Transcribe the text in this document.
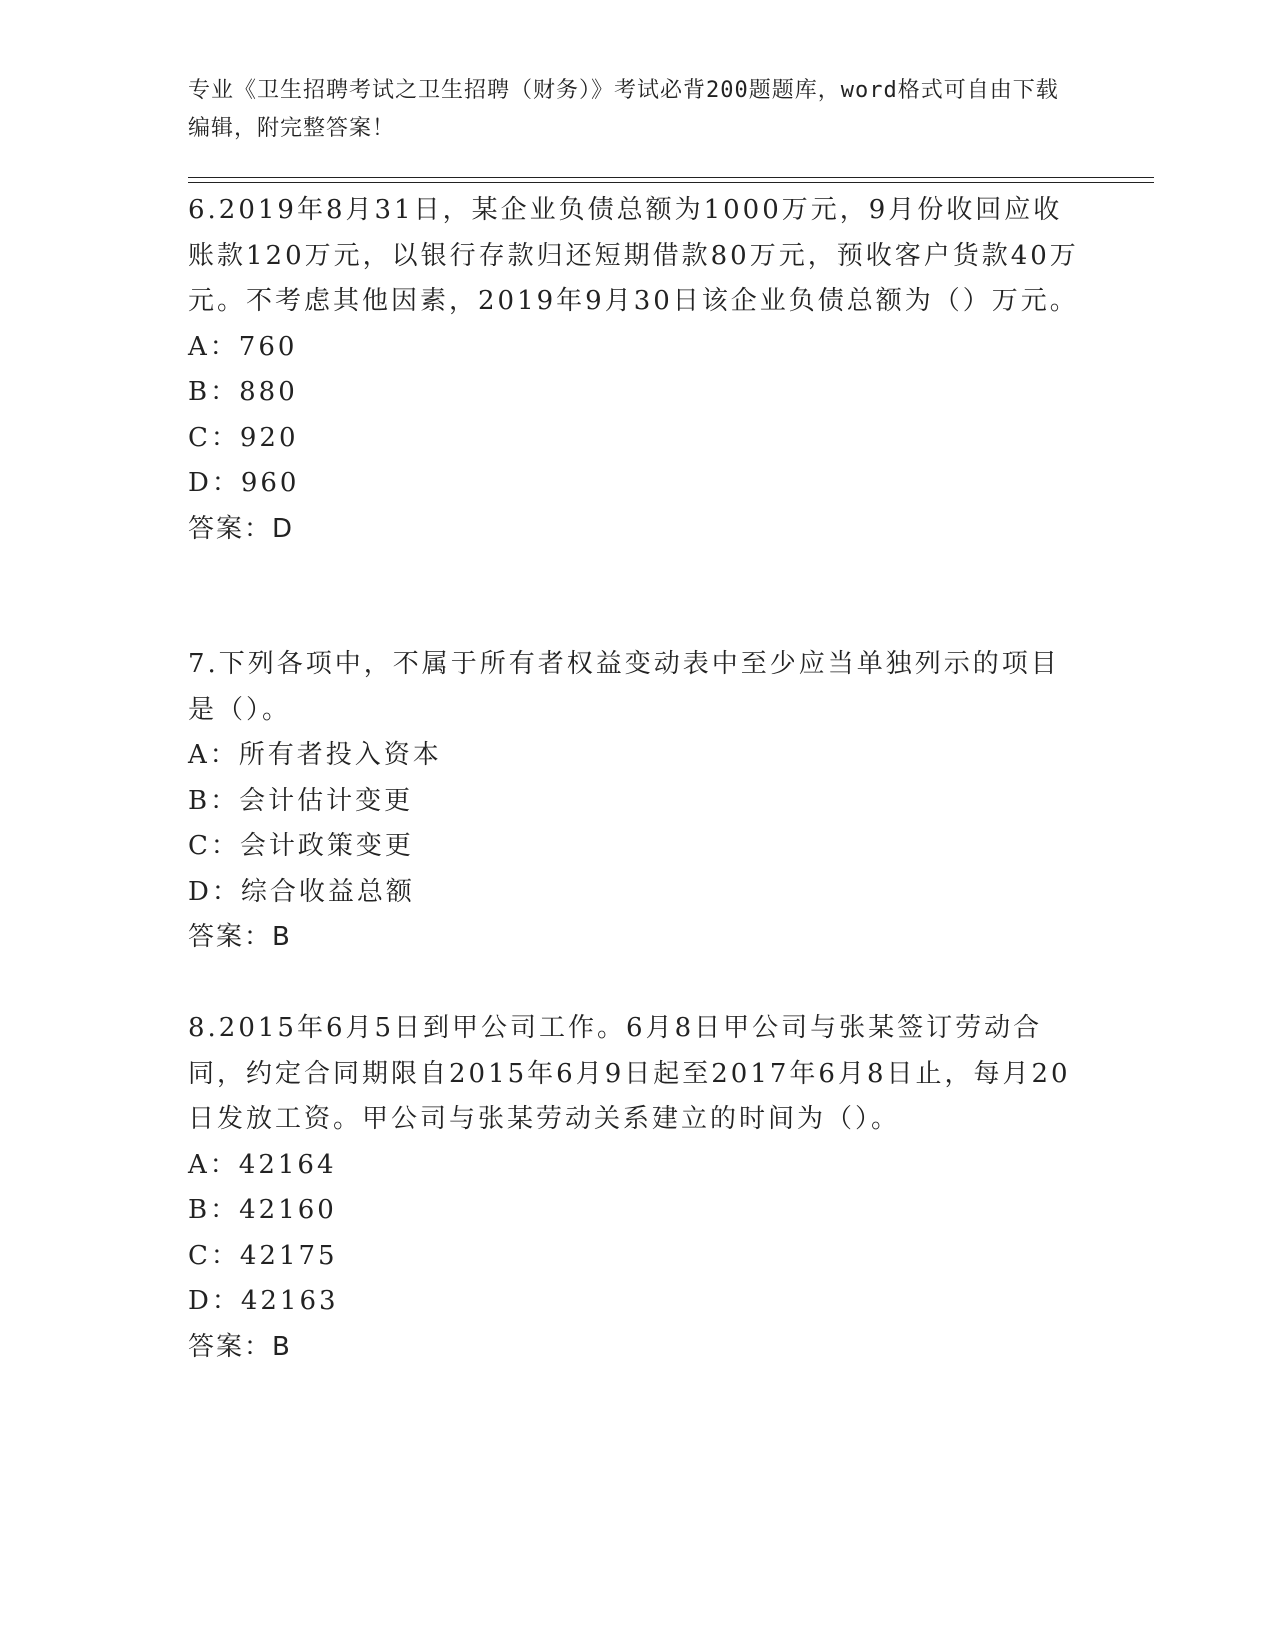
专业《卫生招聘考试之卫生招聘（财务）》考试必背200题题库，word格式可自由下载编辑，附完整答案！

6.2019年8月31日，某企业负债总额为1000万元，9月份收回应收账款120万元，以银行存款归还短期借款80万元，预收客户货款40万元。不考虑其他因素，2019年9月30日该企业负债总额为（）万元。

A：760

B：880

C：920

D：960

答案：D

7.下列各项中，不属于所有者权益变动表中至少应当单独列示的项目是（）。

A：所有者投入资本

B：会计估计变更

C：会计政策变更

D：综合收益总额

答案：B

8.2015年6月5日到甲公司工作。6月8日甲公司与张某签订劳动合同，约定合同期限自2015年6月9日起至2017年6月8日止，每月20日发放工资。甲公司与张某劳动关系建立的时间为（）。

A：42164

B：42160

C：42175

D：42163

答案：B
